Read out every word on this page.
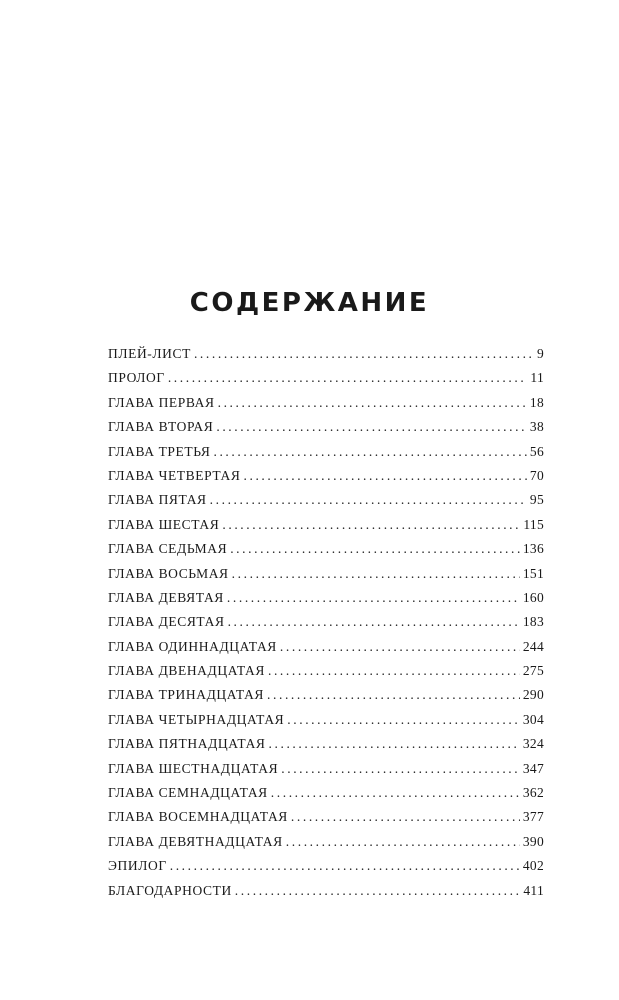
СОДЕРЖАНИЕ
ПЛЕЙ-ЛИСТ .....	9
ПРОЛОГ .....	11
ГЛАВА ПЕРВАЯ .....	18
ГЛАВА ВТОРАЯ .....	38
ГЛАВА ТРЕТЬЯ .....	56
ГЛАВА ЧЕТВЕРТАЯ .....	70
ГЛАВА ПЯТАЯ .....	95
ГЛАВА ШЕСТАЯ .....	115
ГЛАВА СЕДЬМАЯ .....	136
ГЛАВА ВОСЬМАЯ .....	151
ГЛАВА ДЕВЯТАЯ .....	160
ГЛАВА ДЕСЯТАЯ .....	183
ГЛАВА ОДИННАДЦАТАЯ .....	244
ГЛАВА ДВЕНАДЦАТАЯ .....	275
ГЛАВА ТРИНАДЦАТАЯ .....	290
ГЛАВА ЧЕТЫРНАДЦАТАЯ .....	304
ГЛАВА ПЯТНАДЦАТАЯ .....	324
ГЛАВА ШЕСТНАДЦАТАЯ .....	347
ГЛАВА СЕМНАДЦАТАЯ .....	362
ГЛАВА ВОСЕМНАДЦАТАЯ .....	377
ГЛАВА ДЕВЯТНАДЦАТАЯ .....	390
ЭПИЛОГ .....	402
БЛАГОДАРНОСТИ .....	411
